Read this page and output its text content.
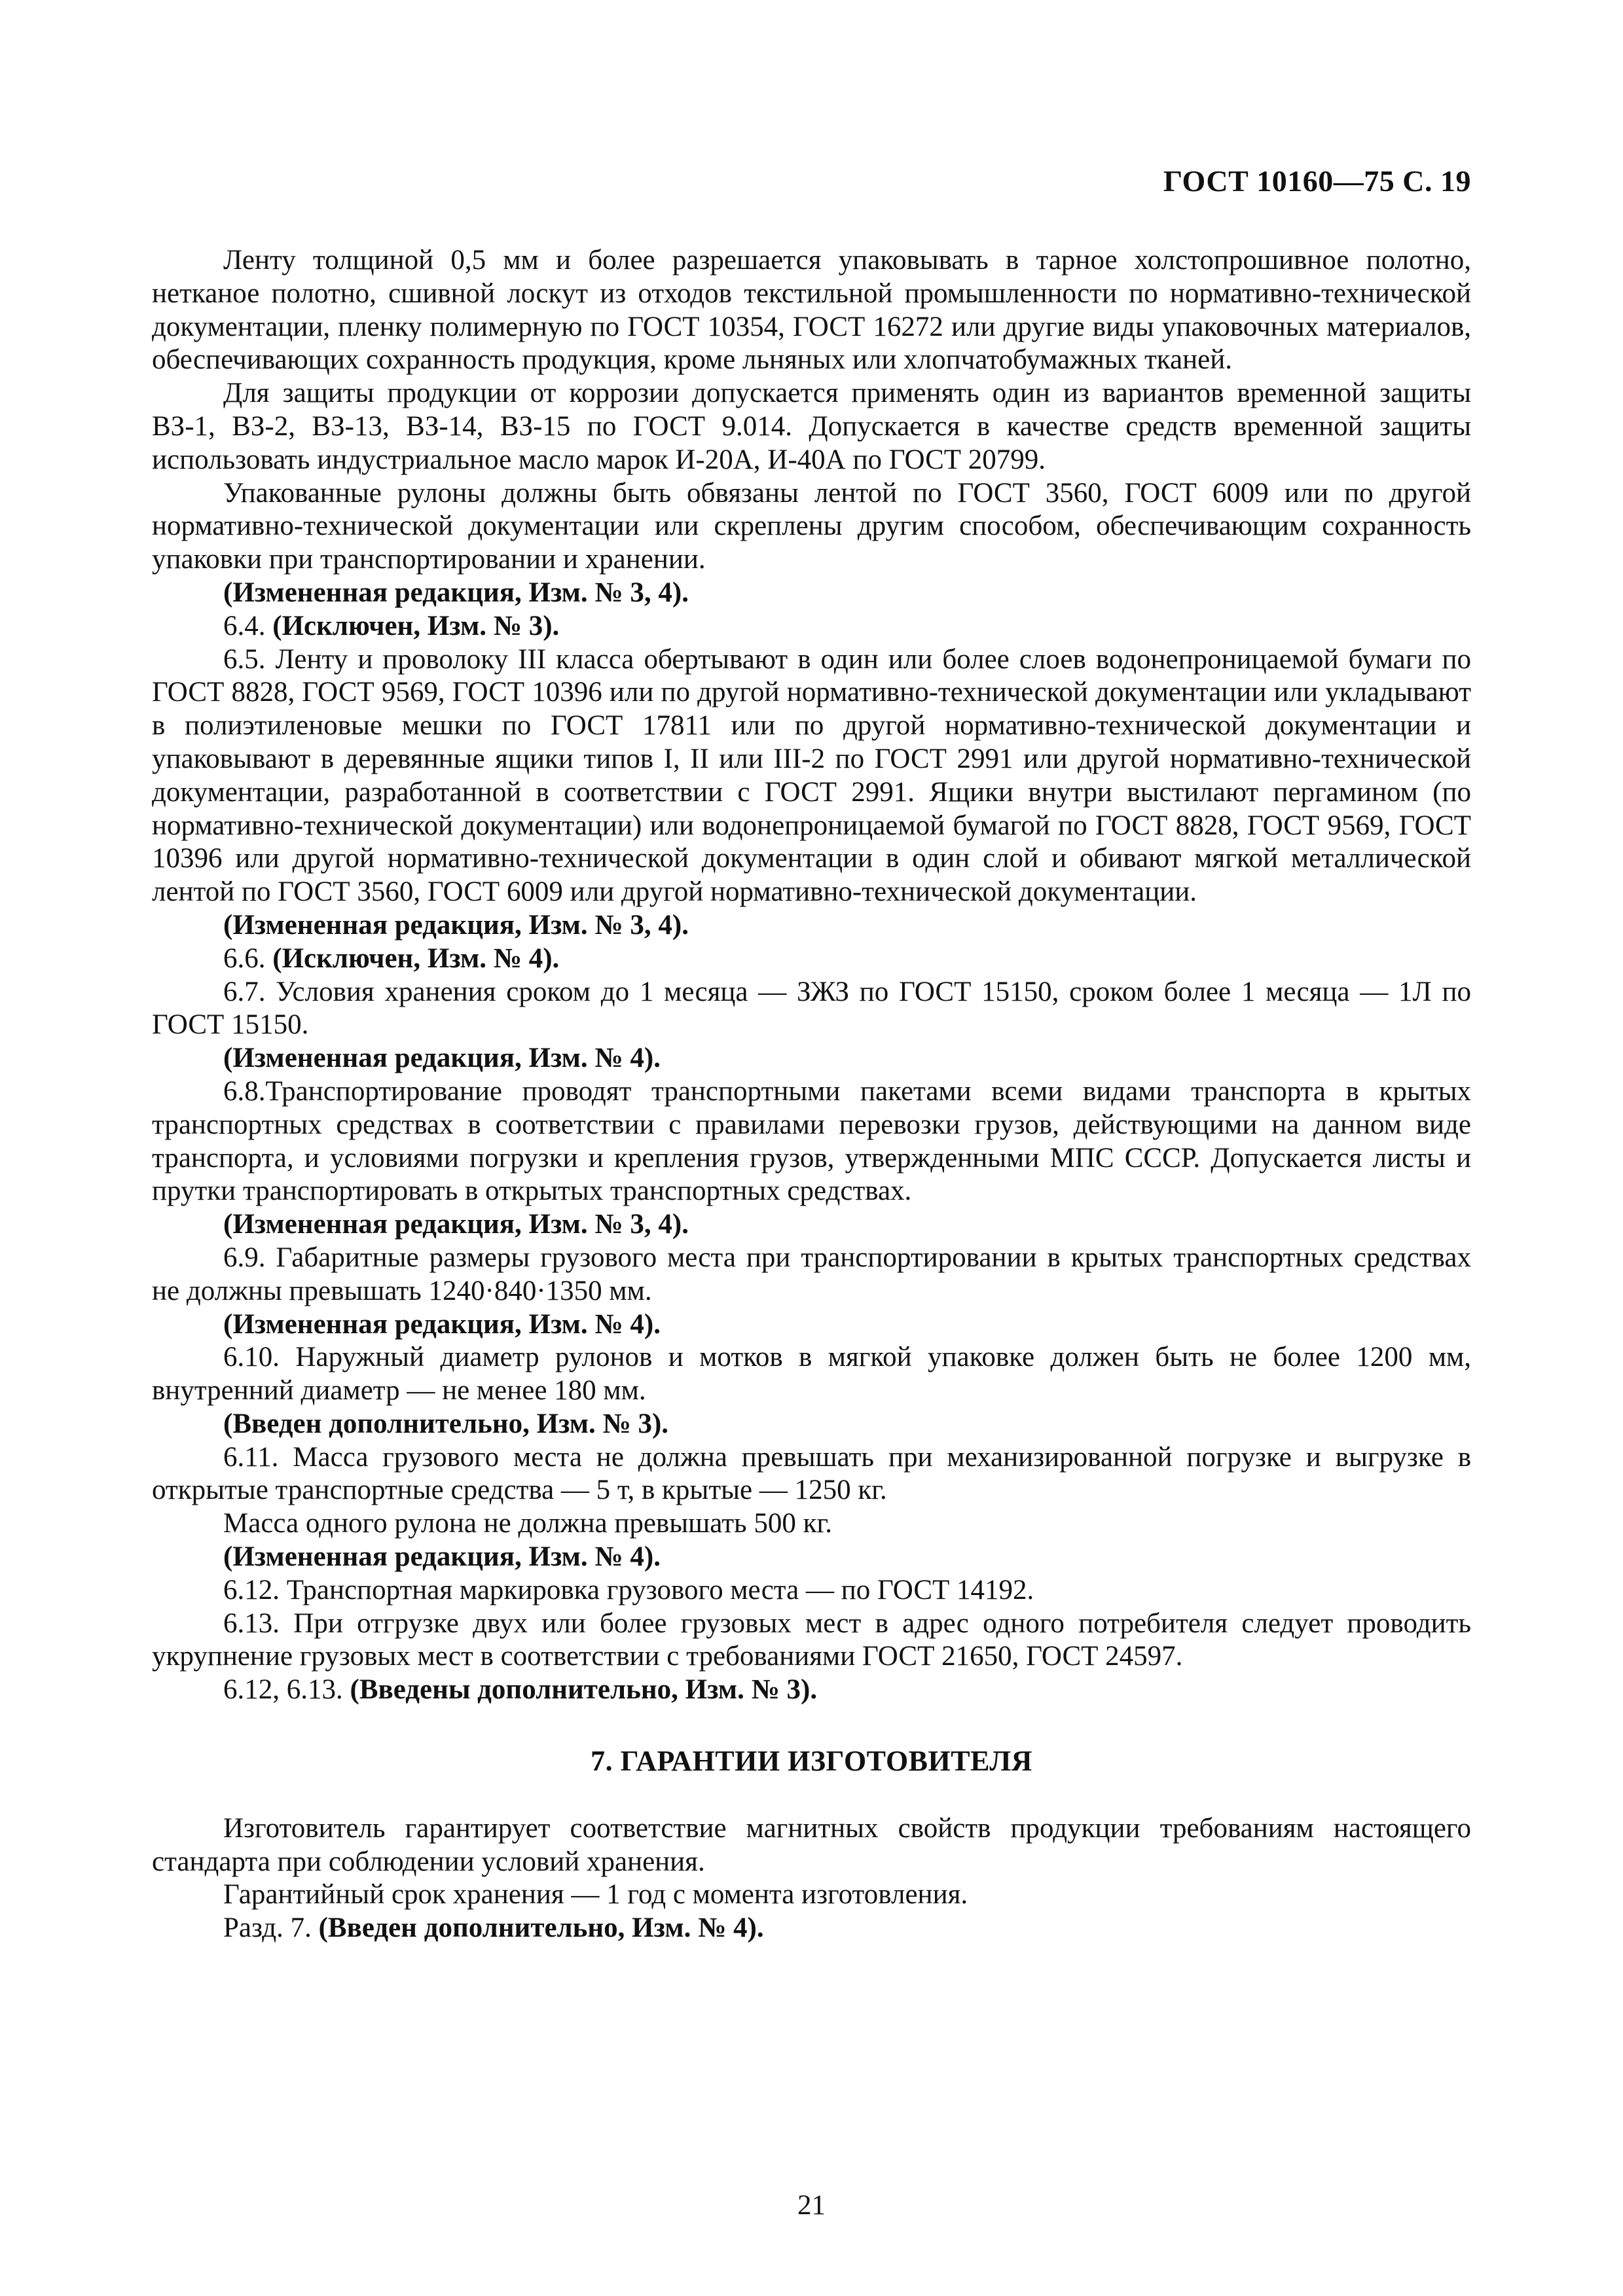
ГОСТ 10160—75 С. 19

Ленту толщиной 0,5 мм и более разрешается упаковывать в тарное холстопрошивное полотно, нетканое полотно, сшивной лоскут из отходов текстильной промышленности по нормативно-технической документации, пленку полимерную по ГОСТ 10354, ГОСТ 16272 или другие виды упаковочных материалов, обеспечивающих сохранность продукция, кроме льняных или хлопчатобумажных тканей.

Для защиты продукции от коррозии допускается применять один из вариантов временной защиты ВЗ-1, ВЗ-2, ВЗ-13, ВЗ-14, ВЗ-15 по ГОСТ 9.014. Допускается в качестве средств временной защиты использовать индустриальное масло марок И-20А, И-40А по ГОСТ 20799.

Упакованные рулоны должны быть обвязаны лентой по ГОСТ 3560, ГОСТ 6009 или по другой нормативно-технической документации или скреплены другим способом, обеспечивающим сохранность упаковки при транспортировании и хранении.

(Измененная редакция, Изм. № 3, 4).

6.4. (Исключен, Изм. № 3).

6.5. Ленту и проволоку III класса обертывают в один или более слоев водонепроницаемой бумаги по ГОСТ 8828, ГОСТ 9569, ГОСТ 10396 или по другой нормативно-технической документации или укладывают в полиэтиленовые мешки по ГОСТ 17811 или по другой нормативно-технической документации и упаковывают в деревянные ящики типов I, II или III-2 по ГОСТ 2991 или другой нормативно-технической документации, разработанной в соответствии с ГОСТ 2991. Ящики внутри выстилают пергамином (по нормативно-технической документации) или водонепроницаемой бумагой по ГОСТ 8828, ГОСТ 9569, ГОСТ 10396 или другой нормативно-технической документации в один слой и обивают мягкой металлической лентой по ГОСТ 3560, ГОСТ 6009 или другой нормативно-технической документации.

(Измененная редакция, Изм. № 3, 4).

6.6. (Исключен, Изм. № 4).

6.7. Условия хранения сроком до 1 месяца — ЗЖЗ по ГОСТ 15150, сроком более 1 месяца — 1Л по ГОСТ 15150.

(Измененная редакция, Изм. № 4).

6.8.Транспортирование проводят транспортными пакетами всеми видами транспорта в крытых транспортных средствах в соответствии с правилами перевозки грузов, действующими на данном виде транспорта, и условиями погрузки и крепления грузов, утвержденными МПС СССР. Допускается листы и прутки транспортировать в открытых транспортных средствах.

(Измененная редакция, Изм. № 3, 4).

6.9. Габаритные размеры грузового места при транспортировании в крытых транспортных средствах не должны превышать 1240·840·1350 мм.

(Измененная редакция, Изм. № 4).

6.10. Наружный диаметр рулонов и мотков в мягкой упаковке должен быть не более 1200 мм, внутренний диаметр — не менее 180 мм.

(Введен дополнительно, Изм. № 3).

6.11. Масса грузового места не должна превышать при механизированной погрузке и выгрузке в открытые транспортные средства — 5 т, в крытые — 1250 кг.

Масса одного рулона не должна превышать 500 кг.

(Измененная редакция, Изм. № 4).

6.12. Транспортная маркировка грузового места — по ГОСТ 14192.

6.13. При отгрузке двух или более грузовых мест в адрес одного потребителя следует проводить укрупнение грузовых мест в соответствии с требованиями ГОСТ 21650, ГОСТ 24597.

6.12, 6.13. (Введены дополнительно, Изм. № 3).

7. ГАРАНТИИ ИЗГОТОВИТЕЛЯ

Изготовитель гарантирует соответствие магнитных свойств продукции требованиям настоящего стандарта при соблюдении условий хранения.

Гарантийный срок хранения — 1 год с момента изготовления.

Разд. 7. (Введен дополнительно, Изм. № 4).

21
